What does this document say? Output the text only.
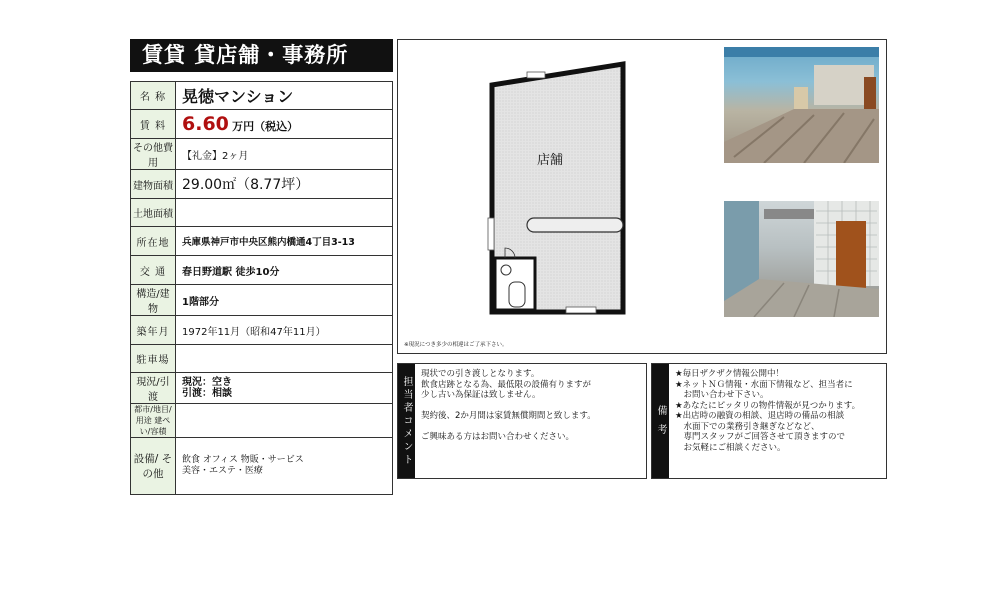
賃貸 貸店舗・事務所
名 称	晃徳マンション
賃 料	6.60 万円（税込）
その他費用	【礼金】2ヶ月
建物面積	29.00㎡（8.77坪）
土地面積	
所在地	兵庫県神戸市中央区熊内橋通4丁目3-13
交 通	春日野道駅 徒歩10分
構造/建物	1階部分
築年月	1972年11月（昭和47年11月）
駐車場	
現況/引渡	現況：空き
引渡：相談

都市/地目/用途 建ぺい/容積	
設備/ その他	飲食 オフィス 物販・サービス
美容・エステ・医療
店舗
※現況につき多少の相違はご了承下さい。
担当者コメント
現状での引き渡しとなります。
飲食店跡となる為、最低限の設備有りますが
少し古い為保証は致しません。

契約後、2か月間は家賃無償期間と致します。

ご興味ある方はお問い合わせください。	備 考
★毎日ザクザク情報公開中！
★ネットＮＧ情報・水面下情報など、担当者に
　お問い合わせ下さい。
★あなたにピッタリの物件情報が見つかります。
★出店時の融資の相談、退店時の備品の相談
　水面下での業務引き継ぎなどなど、
　専門スタッフがご回答させて頂きますので
　お気軽にご相談ください。
